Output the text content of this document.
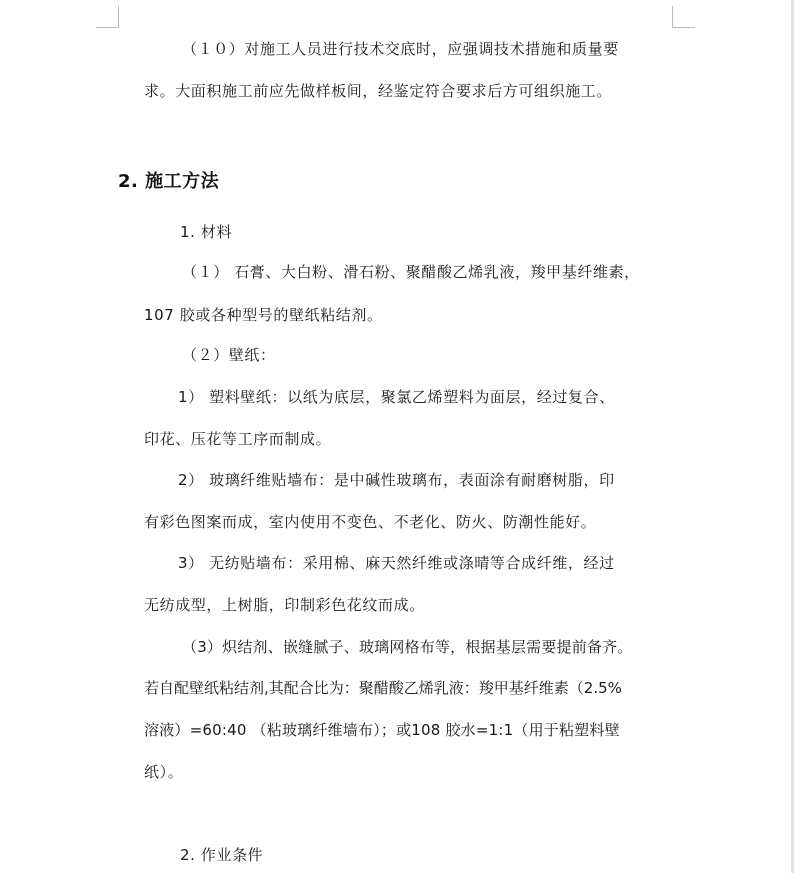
（１０）对施工人员进行技术交底时，应强调技术措施和质量要
求。大面积施工前应先做样板间，经鉴定符合要求后方可组织施工。
2. 施工方法
1. 材料
（１） 石膏、大白粉、滑石粉、聚醋酸乙烯乳液，羧甲基纤维素，
107 胶或各种型号的壁纸粘结剂。
（２）壁纸：
1） 塑料壁纸：以纸为底层，聚氯乙烯塑料为面层，经过复合、
印花、压花等工序而制成。
2） 玻璃纤维贴墙布：是中碱性玻璃布，表面涂有耐磨树脂，印
有彩色图案而成，室内使用不变色、不老化、防火、防潮性能好。
3） 无纺贴墙布：采用棉、麻天然纤维或涤晴等合成纤维，经过
无纺成型，上树脂，印制彩色花纹而成。
（3）炽结剂、嵌缝腻子、玻璃网格布等，根据基层需要提前备齐。
若自配壁纸粘结剂,其配合比为：聚醋酸乙烯乳液：羧甲基纤维素（2.5%
溶液）=60:40 （粘玻璃纤维墙布）；或108 胶水=1:1（用于粘塑料壁
纸）。
2. 作业条件
